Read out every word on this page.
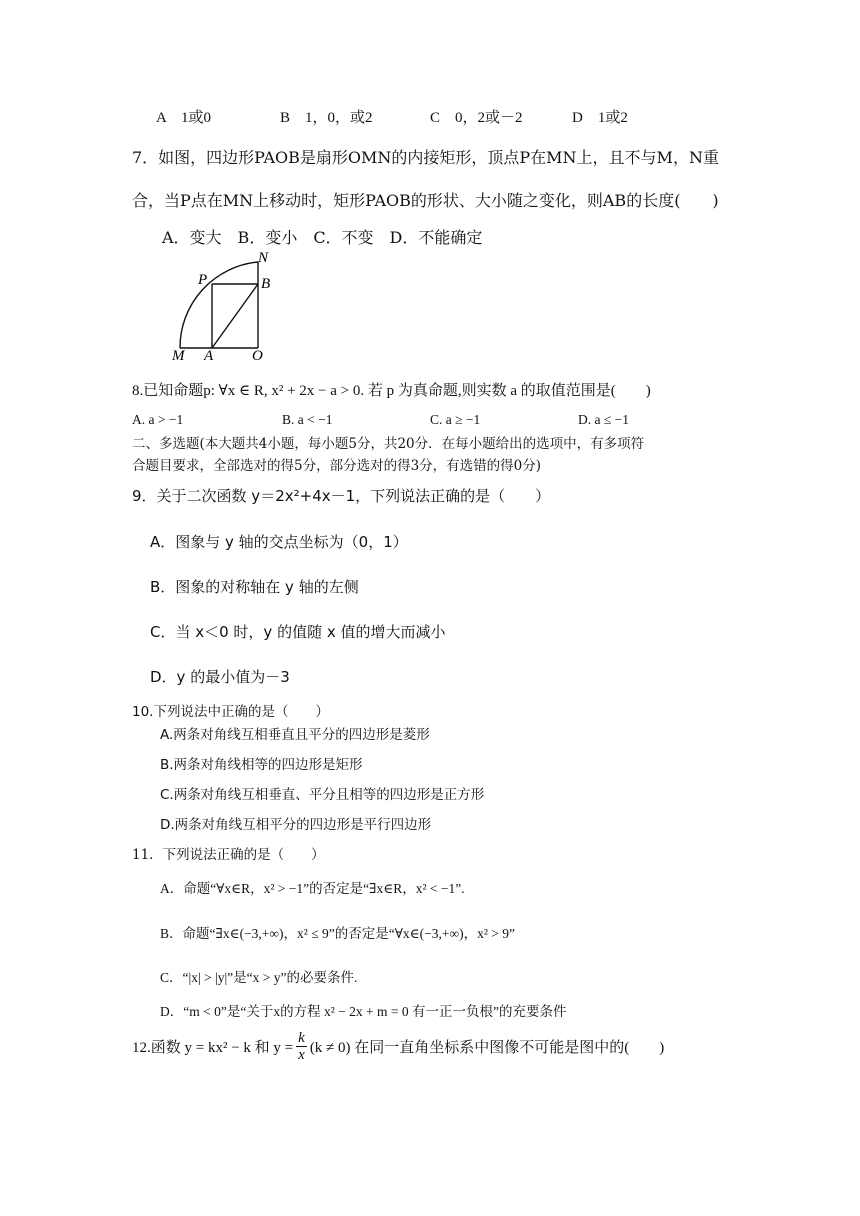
A　1或0	B　1，0，或2	C　0，2或－2	D　1或2
7．如图，四边形PAOB是扇形OMN的内接矩形，顶点P在MN上，且不与M，N重
合，当P点在MN上移动时，矩形PAOB的形状、大小随之变化，则AB的长度(　　)
A．变大　B．变小　C．不变　D．不能确定
N
P	B
M A	O
8.已知命题p: ∀x ∈ R, x² + 2x − a > 0. 若 p 为真命题,则实数 a 的取值范围是(　　)
A. a > −1	B. a < −1	C. a ≥ −1	D. a ≤ −1
二、多选题(本大题共4小题，每小题5分，共20分．在每小题给出的选项中，有多项符
合题目要求，全部选对的得5分，部分选对的得3分，有选错的得0分)
9．关于二次函数 y＝2x²+4x－1，下列说法正确的是（　　）
A．图象与 y 轴的交点坐标为（0，1）
B．图象的对称轴在 y 轴的左侧
C．当 x＜0 时，y 的值随 x 值的增大而减小
D．y 的最小值为－3
10.下列说法中正确的是（　　）
A.两条对角线互相垂直且平分的四边形是菱形
B.两条对角线相等的四边形是矩形
C.两条对角线互相垂直、平分且相等的四边形是正方形
D.两条对角线互相平分的四边形是平行四边形
11．下列说法正确的是（　　）
A．命题“∀x∈R，x² > −1”的否定是“∃x∈R，x² < −1”.
B．命题“∃x∈(−3,+∞)，x² ≤ 9”的否定是“∀x∈(−3,+∞)，x² > 9”
C．“|x| > |y|”是“x > y”的必要条件.
D．“m < 0”是“关于x的方程 x² − 2x + m = 0 有一正一负根”的充要条件
12.函数 y = kx² − k 和 $y = \frac{k}{x} (k \ne 0)$ 在同一直角坐标系中图像不可能是图中的(　　)
